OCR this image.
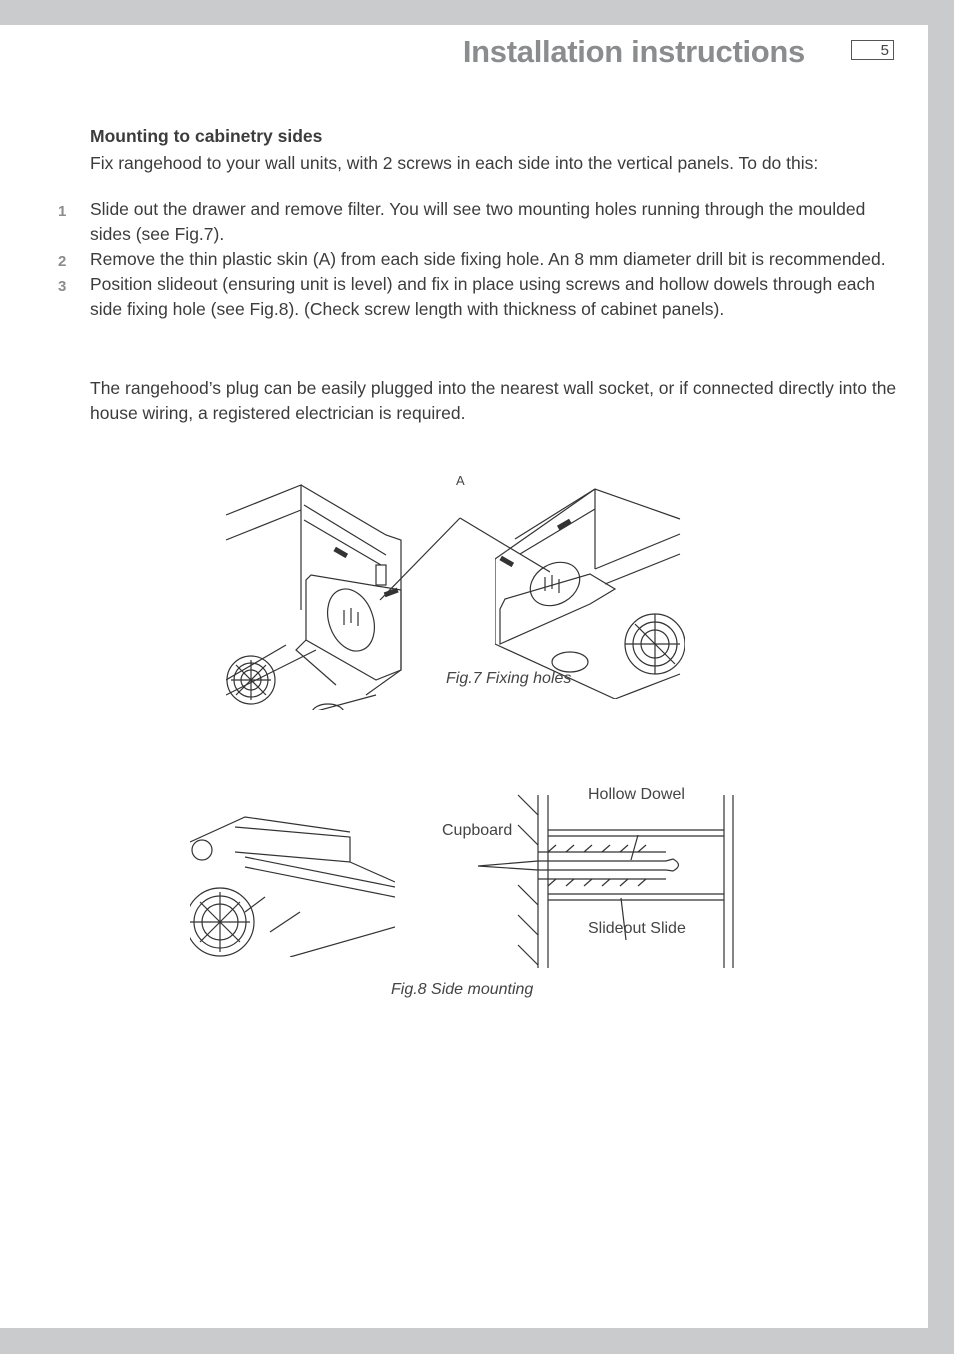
Installation instructions	5
Mounting to cabinetry sides
Fix rangehood to your wall units, with 2 screws in each side into the vertical panels. To do this:
1 Slide out the drawer and remove filter. You will see two mounting holes running through the moulded sides (see Fig.7).
2 Remove the thin plastic skin (A) from each side fixing hole. An 8 mm diameter drill bit is recommended.
3 Position slideout (ensuring unit is level) and fix in place using screws and hollow dowels through each side fixing hole (see Fig.8). (Check screw length with thickness of cabinet panels).
The rangehood’s plug can be easily plugged into the nearest wall socket, or if connected directly into the house wiring, a registered electrician is required.
A
Fig.7 Fixing holes
Hollow Dowel
Cupboard
Slideout Slide
Fig.8 Side mounting
